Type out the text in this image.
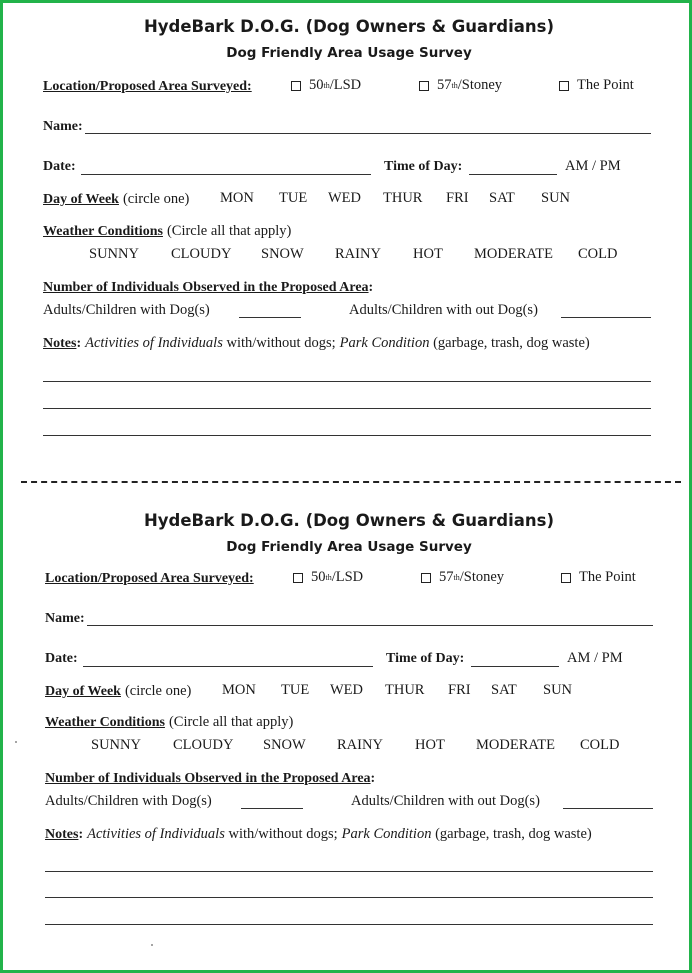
HydeBark D.O.G. (Dog Owners & Guardians)
Dog Friendly Area Usage Survey
Location/Proposed Area Surveyed:	50 th /LSD	57 th /Stoney	The Point
Name:
Date:	Time of Day:	AM / PM
Day of Week (circle one) MON TUE WED THUR FRI SAT SUN
Weather Conditions (Circle all that apply)
SUNNY CLOUDY SNOW RAINY HOT MODERATE COLD
Number of Individuals Observed in the Proposed Area:
Adults/Children with Dog(s)	Adults/Children with out Dog(s)
Notes: Activities of Individuals with/without dogs; Park Condition (garbage, trash, dog waste)
HydeBark D.O.G. (Dog Owners & Guardians)
Dog Friendly Area Usage Survey
Location/Proposed Area Surveyed:	50 th /LSD	57 th /Stoney	The Point
Name:
Date:	Time of Day:	AM / PM
Day of Week (circle one) MON TUE WED THUR FRI SAT SUN
Weather Conditions (Circle all that apply)
SUNNY CLOUDY SNOW RAINY HOT MODERATE COLD
Number of Individuals Observed in the Proposed Area:
Adults/Children with Dog(s)	Adults/Children with out Dog(s)
Notes: Activities of Individuals with/without dogs; Park Condition (garbage, trash, dog waste)
